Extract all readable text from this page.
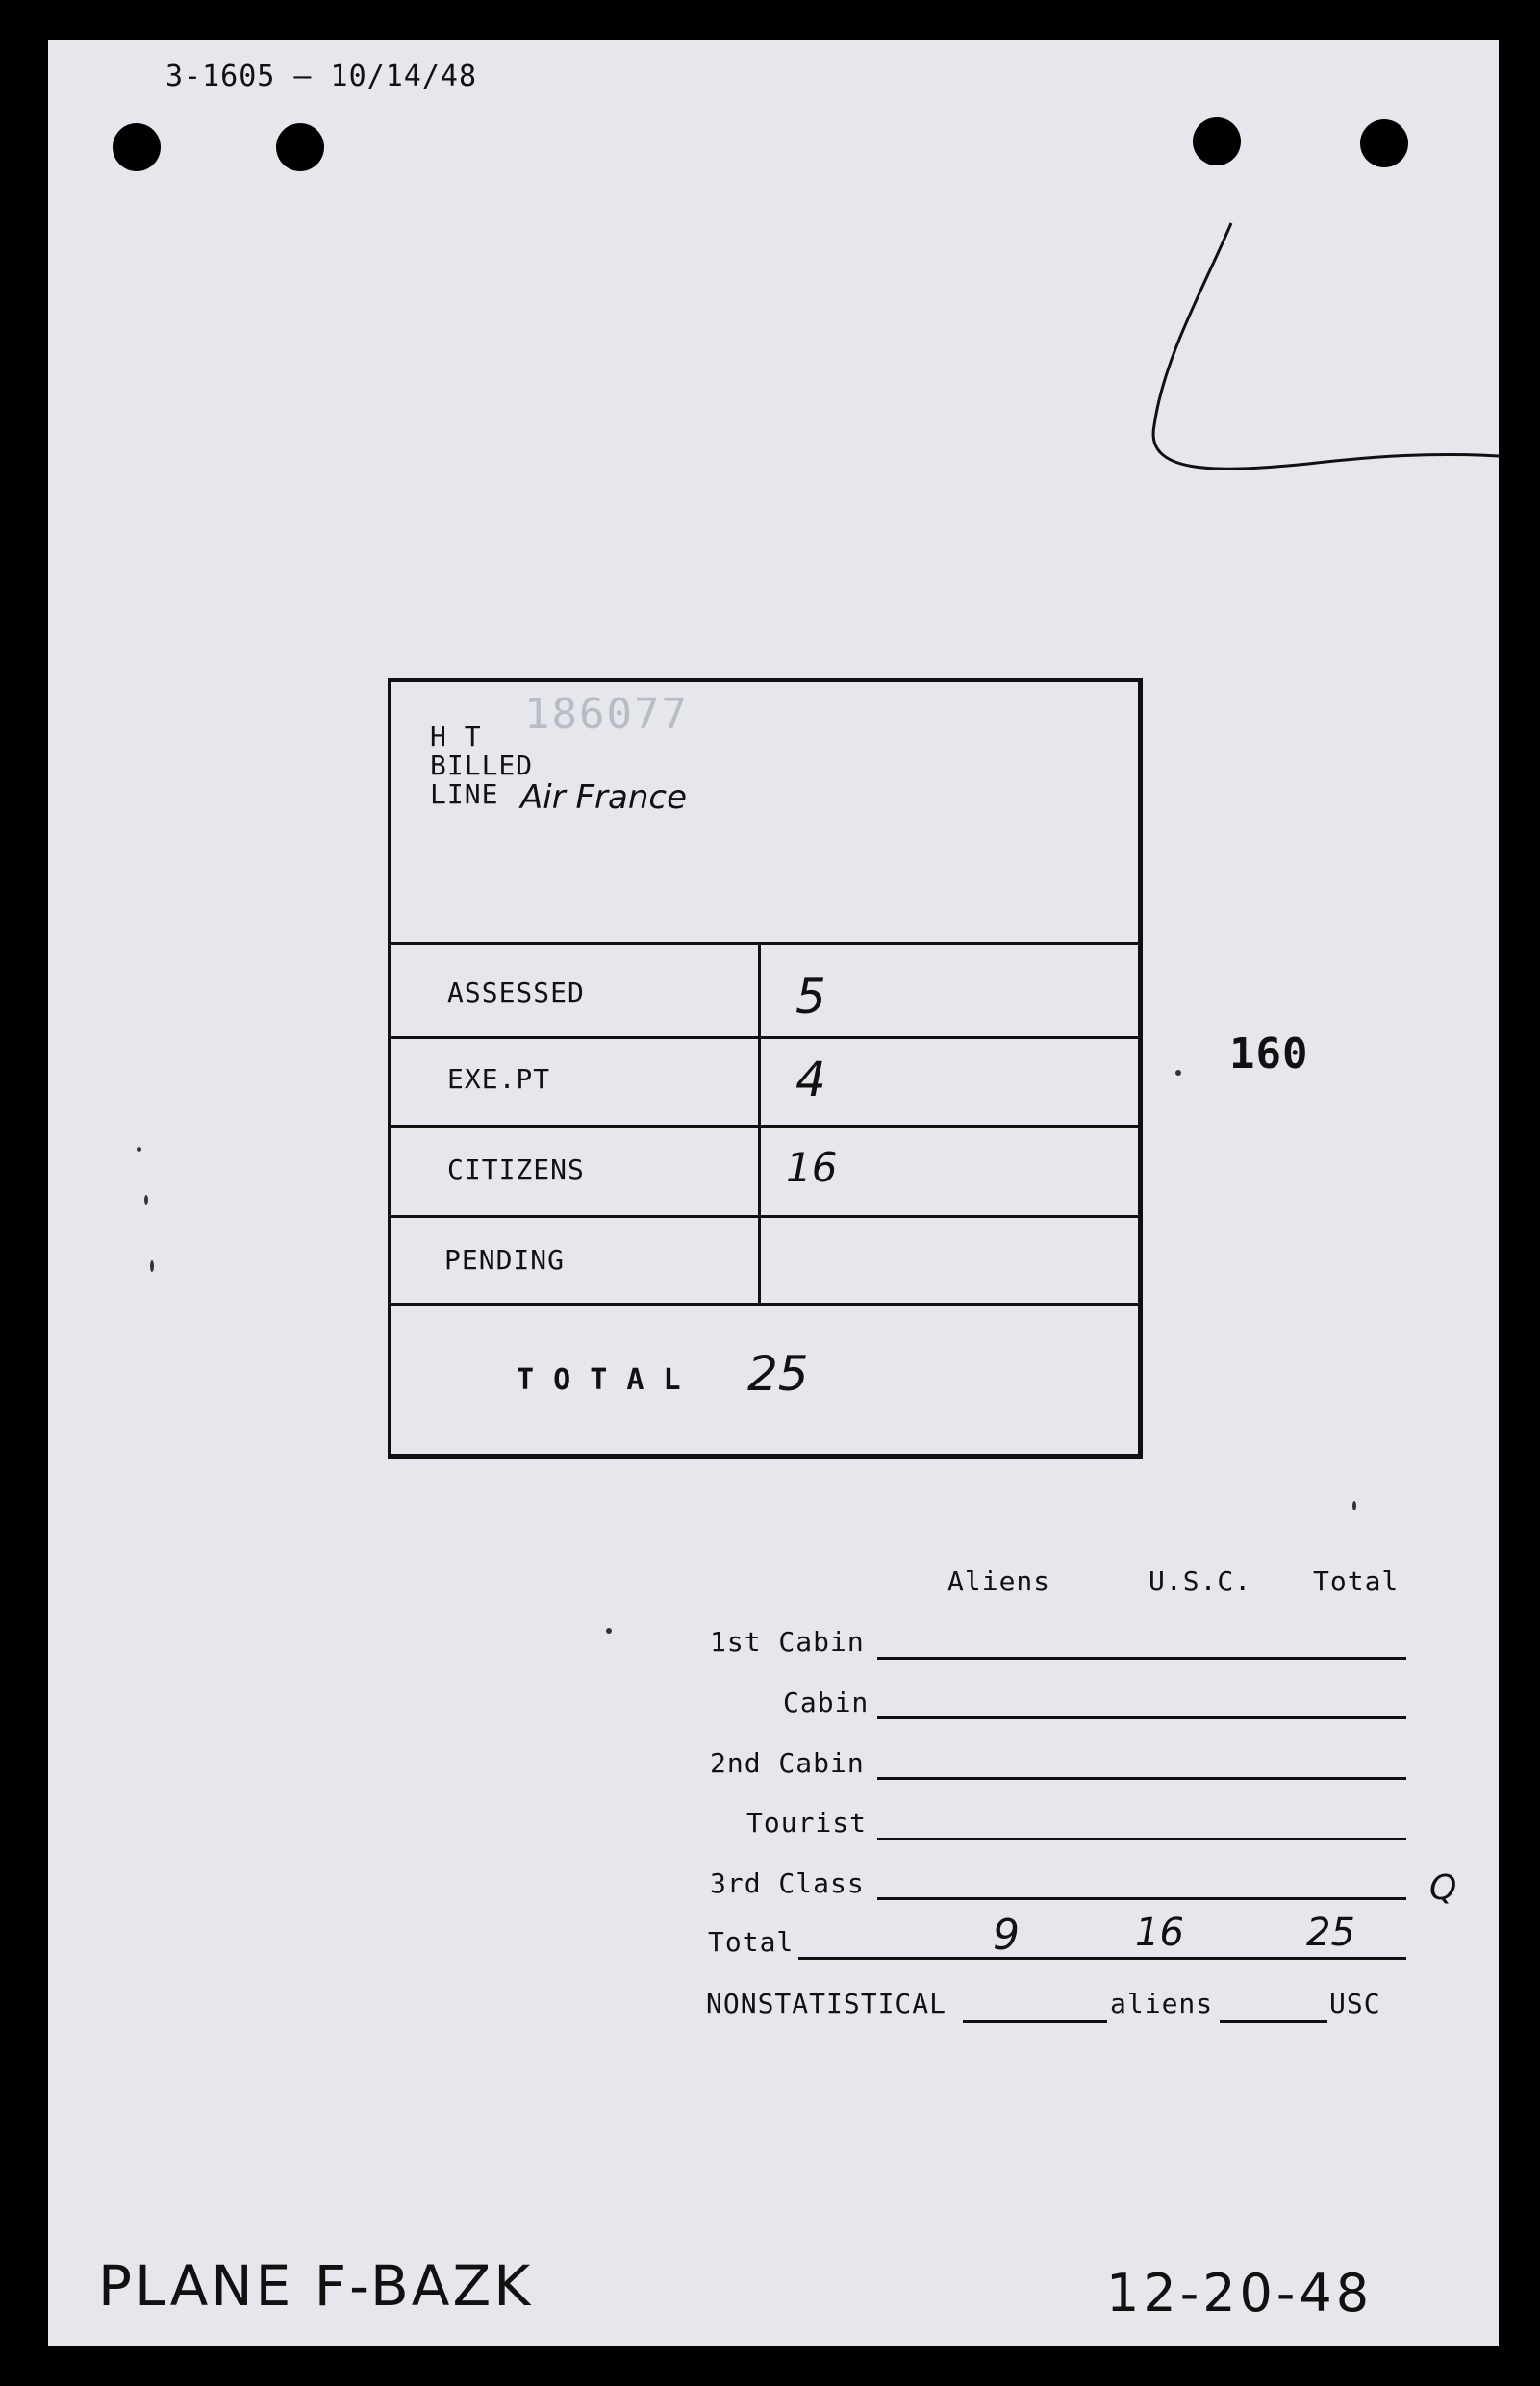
3-1605 — 10/14/48
186077
H T
BILLED
LINE Air France
ASSESSED	5
EXE.PT	4
CITIZENS	16
PENDING
T O T A L 25
160
Aliens	U.S.C. Total
1st Cabin
Cabin
2nd Cabin
Tourist
3rd Class	Q
Total	9	16	25
NONSTATISTICAL	aliens	USC
PLANE F-BAZK	12-20-48
